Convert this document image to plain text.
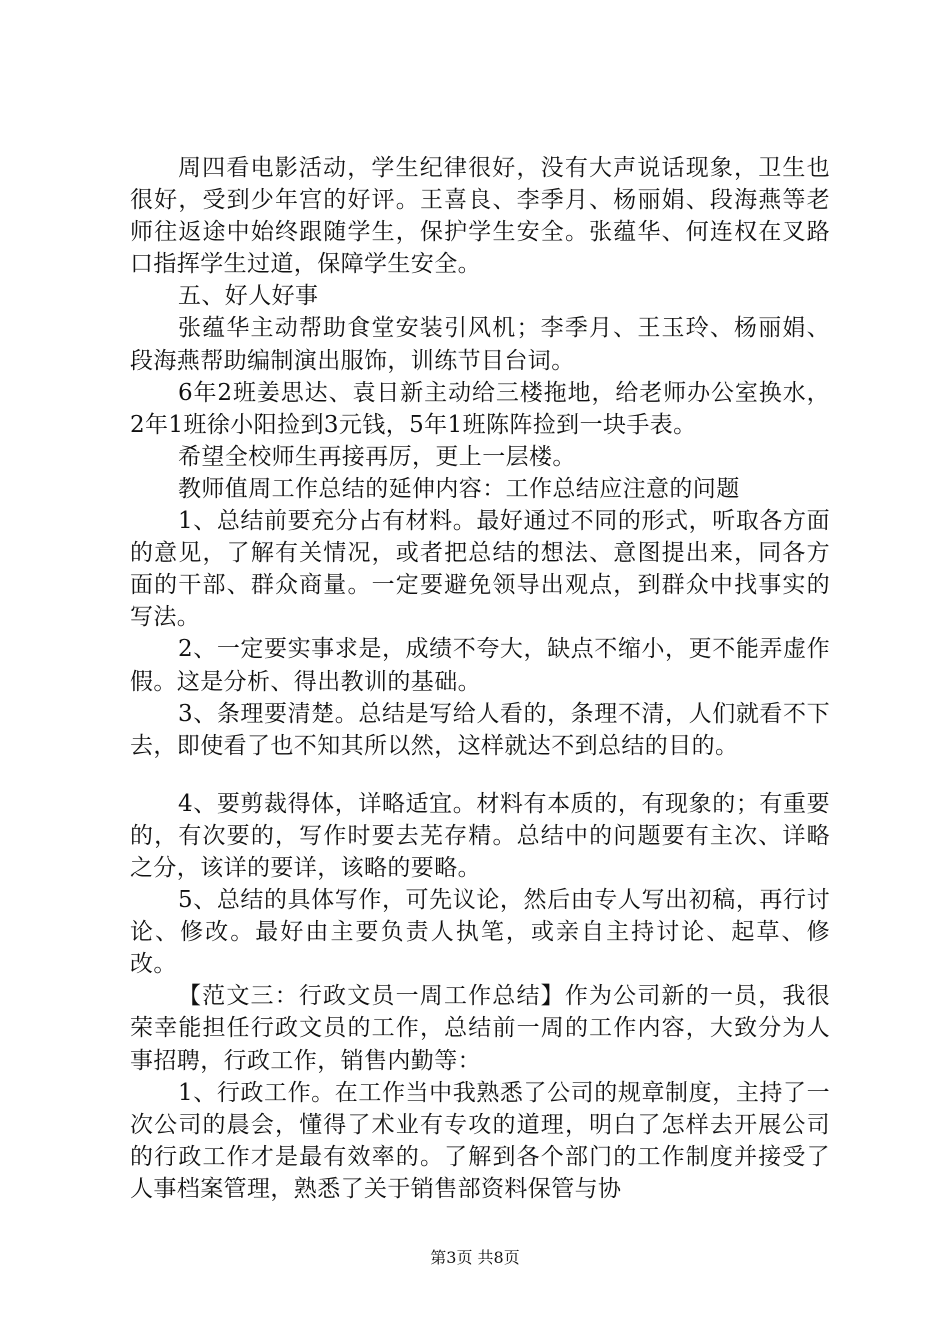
周四看电影活动，学生纪律很好，没有大声说话现象，卫生也很好，受到少年宫的好评。王喜良、李季月、杨丽娟、段海燕等老师往返途中始终跟随学生，保护学生安全。张蕴华、何连权在叉路口指挥学生过道，保障学生安全。

五、好人好事

张蕴华主动帮助食堂安装引风机；李季月、王玉玲、杨丽娟、段海燕帮助编制演出服饰，训练节目台词。

6年2班姜思达、袁日新主动给三楼拖地，给老师办公室换水，2年1班徐小阳捡到3元钱，5年1班陈阵捡到一块手表。

希望全校师生再接再厉，更上一层楼。

教师值周工作总结的延伸内容：工作总结应注意的问题

1、总结前要充分占有材料。最好通过不同的形式，听取各方面的意见，了解有关情况，或者把总结的想法、意图提出来，同各方面的干部、群众商量。一定要避免领导出观点，到群众中找事实的写法。

2、一定要实事求是，成绩不夸大，缺点不缩小，更不能弄虚作假。这是分析、得出教训的基础。

3、条理要清楚。总结是写给人看的，条理不清，人们就看不下去，即使看了也不知其所以然，这样就达不到总结的目的。

4、要剪裁得体，详略适宜。材料有本质的，有现象的；有重要的，有次要的，写作时要去芜存精。总结中的问题要有主次、详略之分，该详的要详，该略的要略。

5、总结的具体写作，可先议论，然后由专人写出初稿，再行讨论、修改。最好由主要负责人执笔，或亲自主持讨论、起草、修改。

【范文三：行政文员一周工作总结】作为公司新的一员，我很荣幸能担任行政文员的工作，总结前一周的工作内容，大致分为人事招聘，行政工作，销售内勤等：

1、行政工作。在工作当中我熟悉了公司的规章制度，主持了一次公司的晨会，懂得了术业有专攻的道理，明白了怎样去开展公司的行政工作才是最有效率的。了解到各个部门的工作制度并接受了人事档案管理，熟悉了关于销售部资料保管与协

第3页 共8页
